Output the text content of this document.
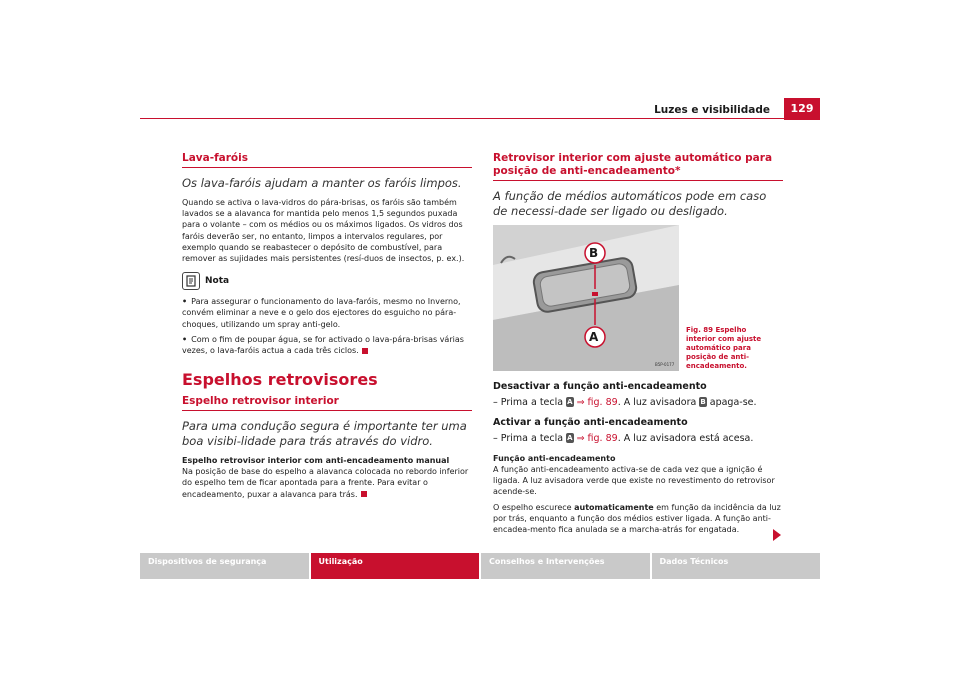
Luzes e visibilidade	129
Lava-faróis

Os lava-faróis ajudam a manter os faróis limpos.

Quando se activa o lava-vidros do pára-brisas, os faróis são também lavados se a alavanca for mantida pelo menos 1,5 segundos puxada para o volante – com os médios ou os máximos ligados. Os vidros dos faróis deverão ser, no entanto, limpos a intervalos regulares, por exemplo quando se reabastecer o depósito de combustível, para remover as sujidades mais persistentes (resí-duos de insectos, p. ex.).

Nota

• Para assegurar o funcionamento do lava-faróis, mesmo no Inverno, convém eliminar a neve e o gelo dos ejectores do esguicho no pára-choques, utilizando um spray anti-gelo.

• Com o fim de poupar água, se for activado o lava-pára-brisas várias vezes, o lava-faróis actua a cada três ciclos.

Espelhos retrovisores
Espelho retrovisor interior

Para uma condução segura é importante ter uma boa visibi-lidade para trás através do vidro.

Espelho retrovisor interior com anti-encadeamento manual

Na posição de base do espelho a alavanca colocada no rebordo inferior do espelho tem de ficar apontada para a frente. Para evitar o encadeamento, puxar a alavanca para trás.

Retrovisor interior com ajuste automático para posição de anti-encadeamento*

A função de médios automáticos pode em caso de necessi-dade ser ligado ou desligado.

B
A
B5P-0177
Fig. 89 Espelho interior com ajuste automático para posição de anti-encadeamento.

Desactivar a função anti-encadeamento

– Prima a tecla A ⇒ fig. 89. A luz avisadora B apaga-se.

Activar a função anti-encadeamento

– Prima a tecla A ⇒ fig. 89. A luz avisadora está acesa.

Função anti-encadeamento

A função anti-encadeamento activa-se de cada vez que a ignição é ligada. A luz avisadora verde que existe no revestimento do retrovisor acende-se.

O espelho escurece automaticamente em função da incidência da luz por trás, enquanto a função dos médios estiver ligada. A função anti-encadea-mento fica anulada se a marcha-atrás for engatada.

Dispositivos de segurança	Utilização	Conselhos e Intervenções	Dados Técnicos
